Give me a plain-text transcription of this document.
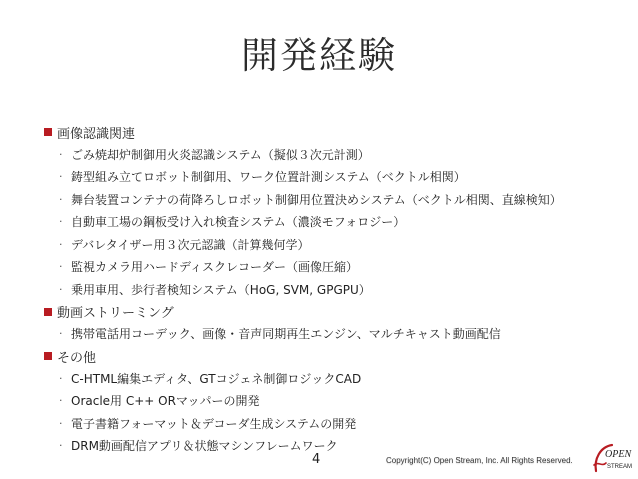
開発経験
画像認識関連
· ごみ焼却炉制御用火炎認識システム（擬似３次元計測）
· 鋳型組み立てロボット制御用、ワーク位置計測システム（ベクトル相関）
· 舞台装置コンテナの荷降ろしロボット制御用位置決めシステム（ベクトル相関、直線検知）
· 自動車工場の鋼板受け入れ検査システム（濃淡モフォロジー）
· デバレタイザー用３次元認識（計算幾何学）
· 監視カメラ用ハードディスクレコーダー（画像圧縮）
· 乗用車用、歩行者検知システム（HoG, SVM, GPGPU）
動画ストリーミング
· 携帯電話用コーデック、画像・音声同期再生エンジン、マルチキャスト動画配信
その他
· C-HTML編集エディタ、GTコジェネ制御ロジックCAD
· Oracle用 C++ ORマッパーの開発
· 電子書籍フォーマット＆デコーダ生成システムの開発
· DRM動画配信アプリ＆状態マシンフレームワーク
4	Copyright(C) Open Stream, Inc. All Rights Reserved.
OPEN
STREAM
